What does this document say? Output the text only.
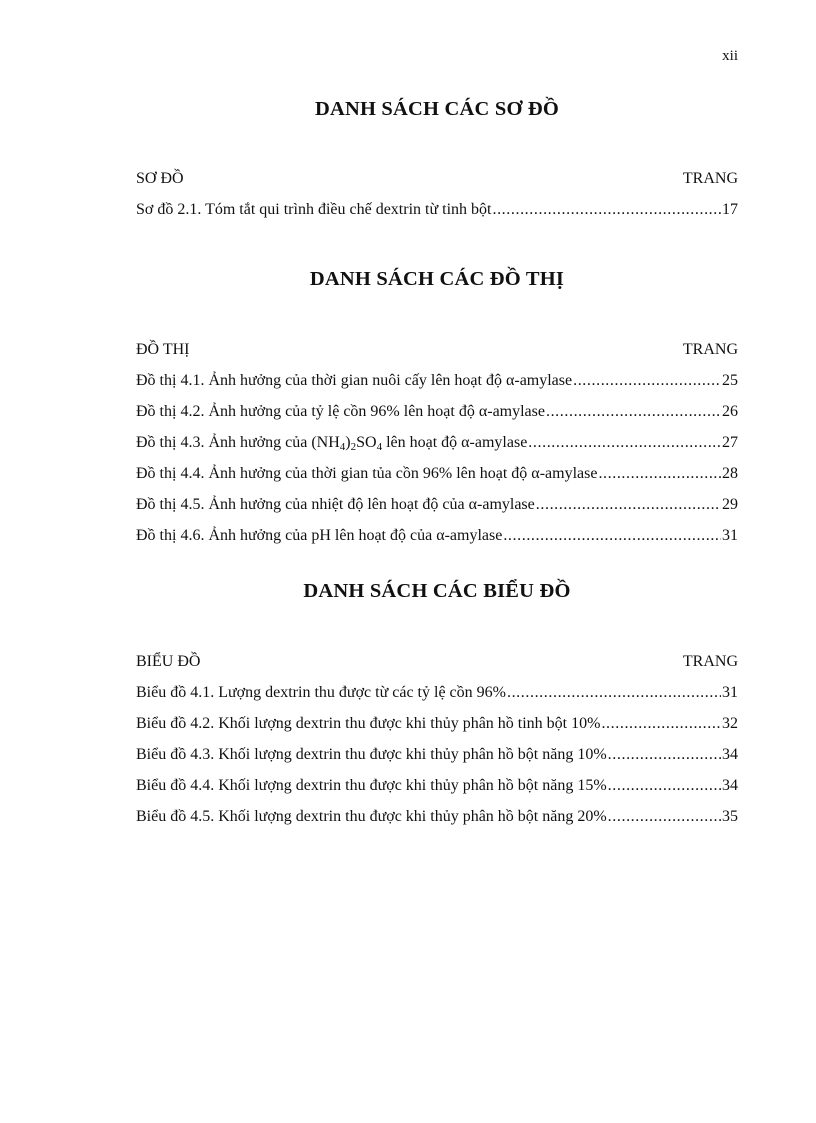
xii
DANH SÁCH CÁC SƠ ĐỒ
SƠ ĐỒ	TRANG
Sơ đồ 2.1. Tóm tắt qui trình điều chế dextrin từ tinh bột .....	17
DANH SÁCH CÁC ĐỒ THỊ
ĐỒ THỊ	TRANG
Đồ thị 4.1. Ảnh hưởng của thời gian nuôi cấy lên hoạt độ α-amylase .....	25
Đồ thị 4.2. Ảnh hưởng của tỷ lệ cồn 96% lên hoạt độ α-amylase .....	26
Đồ thị 4.3. Ảnh hưởng của $(NH_4)_2SO_4$ lên hoạt độ α-amylase .....	27
Đồ thị 4.4. Ảnh hưởng của thời gian tủa cồn 96% lên hoạt độ α-amylase .....	28
Đồ thị 4.5. Ảnh hưởng của nhiệt độ lên hoạt độ của α-amylase .....	29
Đồ thị 4.6. Ảnh hưởng của pH lên hoạt độ của α-amylase .....	31
DANH SÁCH CÁC BIỂU ĐỒ
BIỂU ĐỒ	TRANG
Biểu đồ 4.1. Lượng dextrin thu được từ các tỷ lệ cồn 96% .....	31
Biểu đồ 4.2. Khối lượng dextrin thu được khi thủy phân hồ tinh bột 10% .....	32
Biểu đồ 4.3. Khối lượng dextrin thu được khi thủy phân hồ bột năng 10% .....	34
Biểu đồ 4.4. Khối lượng dextrin thu được khi thủy phân hồ bột năng 15% .....	34
Biểu đồ 4.5. Khối lượng dextrin thu được khi thủy phân hồ bột năng 20% .....	35
